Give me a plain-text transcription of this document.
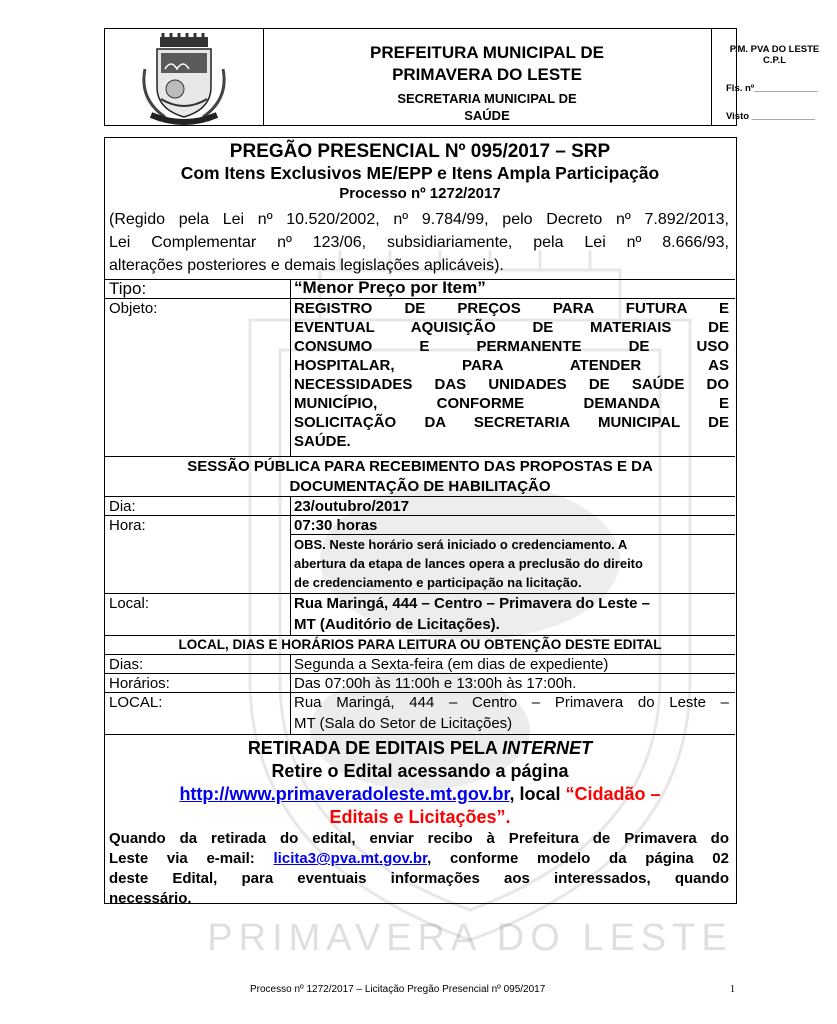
PRIMAVERA DO LESTE
PREFEITURA MUNICIPAL DE
PRIMAVERA DO LESTE
SECRETARIA MUNICIPAL DE
SAÚDE
P.M. PVA DO LESTE
C.P.L
Fls. nº____________
Visto ____________
PREGÃO PRESENCIAL Nº 095/2017 – SRP
Com Itens Exclusivos ME/EPP e Itens Ampla Participação
Processo nº 1272/2017
(Regido pela Lei nº 10.520/2002, nº 9.784/99, pelo Decreto nº 7.892/2013,
Lei Complementar nº 123/06, subsidiariamente, pela Lei nº 8.666/93,
alterações posteriores e demais legislações aplicáveis).
Tipo:	“Menor Preço por Item”
Objeto:	REGISTRO DE PREÇOS PARA FUTURA E
EVENTUAL AQUISIÇÃO DE MATERIAIS DE
CONSUMO E PERMANENTE DE USO
HOSPITALAR, PARA ATENDER AS
NECESSIDADES DAS UNIDADES DE SAÚDE DO
MUNICÍPIO, CONFORME DEMANDA E
SOLICITAÇÃO DA SECRETARIA MUNICIPAL DE
SAÚDE.
SESSÃO PÚBLICA PARA RECEBIMENTO DAS PROPOSTAS E DA
DOCUMENTAÇÃO DE HABILITAÇÃO
Dia:	23/outubro/2017
Hora:	07:30 horas
OBS. Neste horário será iniciado o credenciamento. A
abertura da etapa de lances opera a preclusão do direito
de credenciamento e participação na licitação.
Local:	Rua Maringá, 444 – Centro – Primavera do Leste –
MT (Auditório de Licitações).
LOCAL, DIAS E HORÁRIOS PARA LEITURA OU OBTENÇÃO DESTE EDITAL
Dias:	Segunda a Sexta-feira (em dias de expediente)
Horários:	Das 07:00h às 11:00h e 13:00h às 17:00h.
LOCAL:	Rua Maringá, 444 – Centro – Primavera do Leste –
MT (Sala do Setor de Licitações)
RETIRADA DE EDITAIS PELA INTERNET
Retire o Edital acessando a página
http://www.primaveradoleste.mt.gov.br, local “Cidadão –
Editais e Licitações”.
Quando da retirada do edital, enviar recibo à Prefeitura de Primavera do
Leste via e-mail: licita3@pva.mt.gov.br, conforme modelo da página 02
deste Edital, para eventuais informações aos interessados, quando
necessário.
Processo nº 1272/2017 – Licitação Pregão Presencial nº 095/2017	1
